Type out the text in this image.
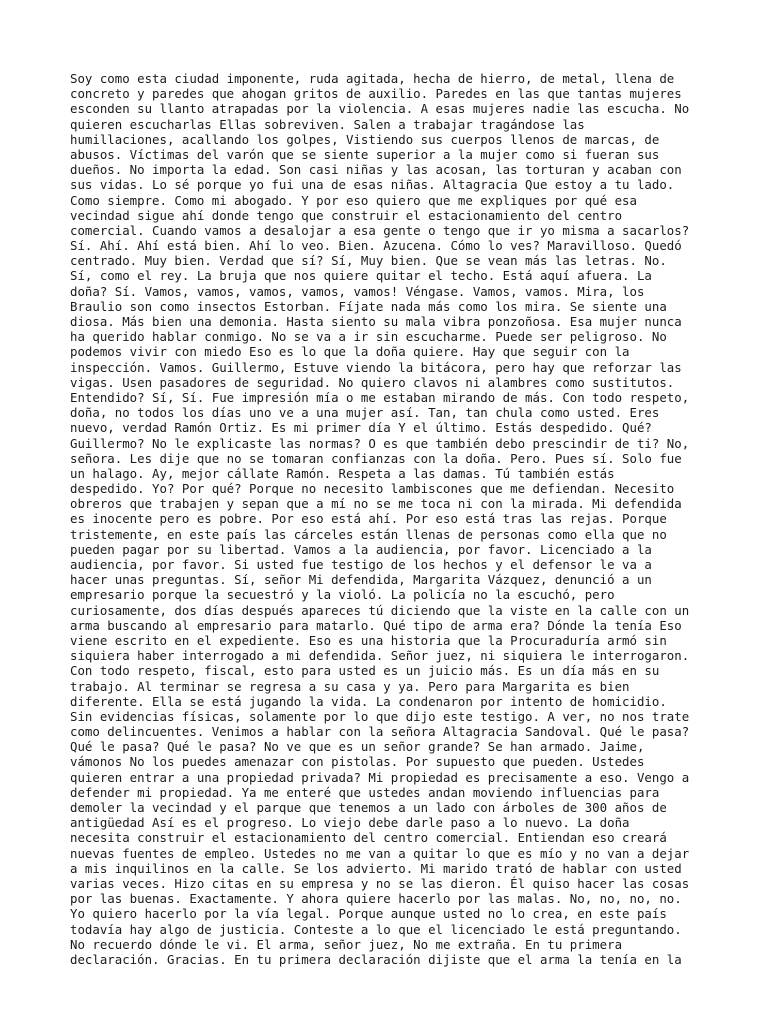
Soy como esta ciudad imponente, ruda agitada, hecha de hierro, de metal, llena de
concreto y paredes que ahogan gritos de auxilio. Paredes en las que tantas mujeres
esconden su llanto atrapadas por la violencia. A esas mujeres nadie las escucha. No
quieren escucharlas Ellas sobreviven. Salen a trabajar tragándose las
humillaciones, acallando los golpes, Vistiendo sus cuerpos llenos de marcas, de
abusos. Víctimas del varón que se siente superior a la mujer como si fueran sus
dueños. No importa la edad. Son casi niñas y las acosan, las torturan y acaban con
sus vidas. Lo sé porque yo fui una de esas niñas. Altagracia Que estoy a tu lado.
Como siempre. Como mi abogado. Y por eso quiero que me expliques por qué esa
vecindad sigue ahí donde tengo que construir el estacionamiento del centro
comercial. Cuando vamos a desalojar a esa gente o tengo que ir yo misma a sacarlos?
Sí. Ahí. Ahí está bien. Ahí lo veo. Bien. Azucena. Cómo lo ves? Maravilloso. Quedó
centrado. Muy bien. Verdad que sí? Sí, Muy bien. Que se vean más las letras. No.
Sí, como el rey. La bruja que nos quiere quitar el techo. Está aquí afuera. La
doña? Sí. Vamos, vamos, vamos, vamos, vamos! Véngase. Vamos, vamos. Mira, los
Braulio son como insectos Estorban. Fíjate nada más como los mira. Se siente una
diosa. Más bien una demonia. Hasta siento su mala vibra ponzoñosa. Esa mujer nunca
ha querido hablar conmigo. No se va a ir sin escucharme. Puede ser peligroso. No
podemos vivir con miedo Eso es lo que la doña quiere. Hay que seguir con la
inspección. Vamos. Guillermo, Estuve viendo la bitácora, pero hay que reforzar las
vigas. Usen pasadores de seguridad. No quiero clavos ni alambres como sustitutos.
Entendido? Sí, Sí. Fue impresión mía o me estaban mirando de más. Con todo respeto,
doña, no todos los días uno ve a una mujer así. Tan, tan chula como usted. Eres
nuevo, verdad Ramón Ortiz. Es mi primer día Y el último. Estás despedido. Qué?
Guillermo? No le explicaste las normas? O es que también debo prescindir de ti? No,
señora. Les dije que no se tomaran confianzas con la doña. Pero. Pues sí. Solo fue
un halago. Ay, mejor cállate Ramón. Respeta a las damas. Tú también estás
despedido. Yo? Por qué? Porque no necesito lambiscones que me defiendan. Necesito
obreros que trabajen y sepan que a mí no se me toca ni con la mirada. Mi defendida
es inocente pero es pobre. Por eso está ahí. Por eso está tras las rejas. Porque
tristemente, en este país las cárceles están llenas de personas como ella que no
pueden pagar por su libertad. Vamos a la audiencia, por favor. Licenciado a la
audiencia, por favor. Si usted fue testigo de los hechos y el defensor le va a
hacer unas preguntas. Sí, señor Mi defendida, Margarita Vázquez, denunció a un
empresario porque la secuestró y la violó. La policía no la escuchó, pero
curiosamente, dos días después apareces tú diciendo que la viste en la calle con un
arma buscando al empresario para matarlo. Qué tipo de arma era? Dónde la tenía Eso
viene escrito en el expediente. Eso es una historia que la Procuraduría armó sin
siquiera haber interrogado a mi defendida. Señor juez, ni siquiera le interrogaron.
Con todo respeto, fiscal, esto para usted es un juicio más. Es un día más en su
trabajo. Al terminar se regresa a su casa y ya. Pero para Margarita es bien
diferente. Ella se está jugando la vida. La condenaron por intento de homicidio.
Sin evidencias físicas, solamente por lo que dijo este testigo. A ver, no nos trate
como delincuentes. Venimos a hablar con la señora Altagracia Sandoval. Qué le pasa?
Qué le pasa? Qué le pasa? No ve que es un señor grande? Se han armado. Jaime,
vámonos No los puedes amenazar con pistolas. Por supuesto que pueden. Ustedes
quieren entrar a una propiedad privada? Mi propiedad es precisamente a eso. Vengo a
defender mi propiedad. Ya me enteré que ustedes andan moviendo influencias para
demoler la vecindad y el parque que tenemos a un lado con árboles de 300 años de
antigüedad Así es el progreso. Lo viejo debe darle paso a lo nuevo. La doña
necesita construir el estacionamiento del centro comercial. Entiendan eso creará
nuevas fuentes de empleo. Ustedes no me van a quitar lo que es mío y no van a dejar
a mis inquilinos en la calle. Se los advierto. Mi marido trató de hablar con usted
varias veces. Hizo citas en su empresa y no se las dieron. Él quiso hacer las cosas
por las buenas. Exactamente. Y ahora quiere hacerlo por las malas. No, no, no, no.
Yo quiero hacerlo por la vía legal. Porque aunque usted no lo crea, en este país
todavía hay algo de justicia. Conteste a lo que el licenciado le está preguntando.
No recuerdo dónde le vi. El arma, señor juez, No me extraña. En tu primera
declaración. Gracias. En tu primera declaración dijiste que el arma la tenía en la
